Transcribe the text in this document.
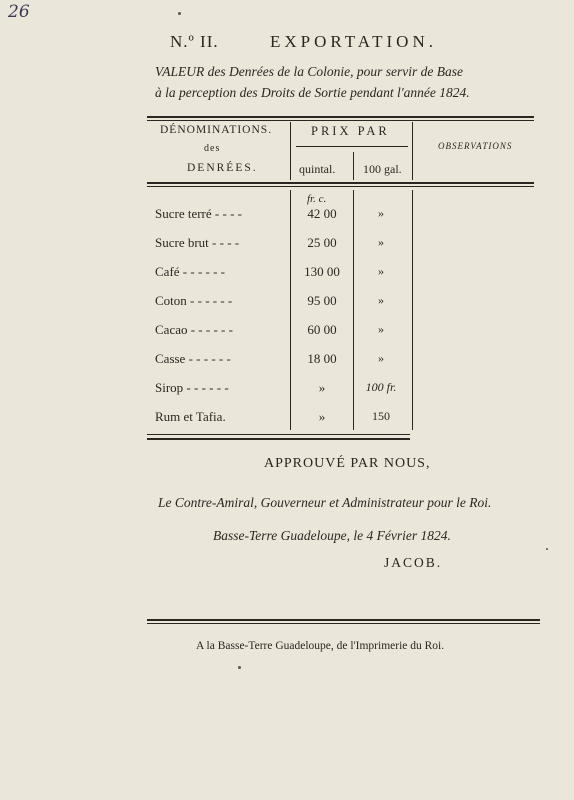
26
N.º II.	EXPORTATION.
VALEUR des Denrées de la Colonie, pour servir de Base
à la perception des Droits de Sortie pendant l'année 1824.
DÉNOMINATIONS.
des
DENRÉES.
PRIX PAR
quintal. 100 gal.
OBSERVATIONS
fr. c.
Sucre terré - - - -	42 00	»
Sucre brut - - - -	25 00	»
Café - - - - - -	130 00	»
Coton - - - - - -	95 00	»
Cacao - - - - - -	60 00	»
Casse - - - - - -	18 00	»
Sirop - - - - - -	»	100 fr.
Rum et Tafia.	»	150
APPROUVÉ PAR NOUS,
Le Contre-Amiral, Gouverneur et Administrateur pour le Roi.
Basse-Terre Guadeloupe, le 4 Février 1824.
JACOB.
A la Basse-Terre Guadeloupe, de l'Imprimerie du Roi.
